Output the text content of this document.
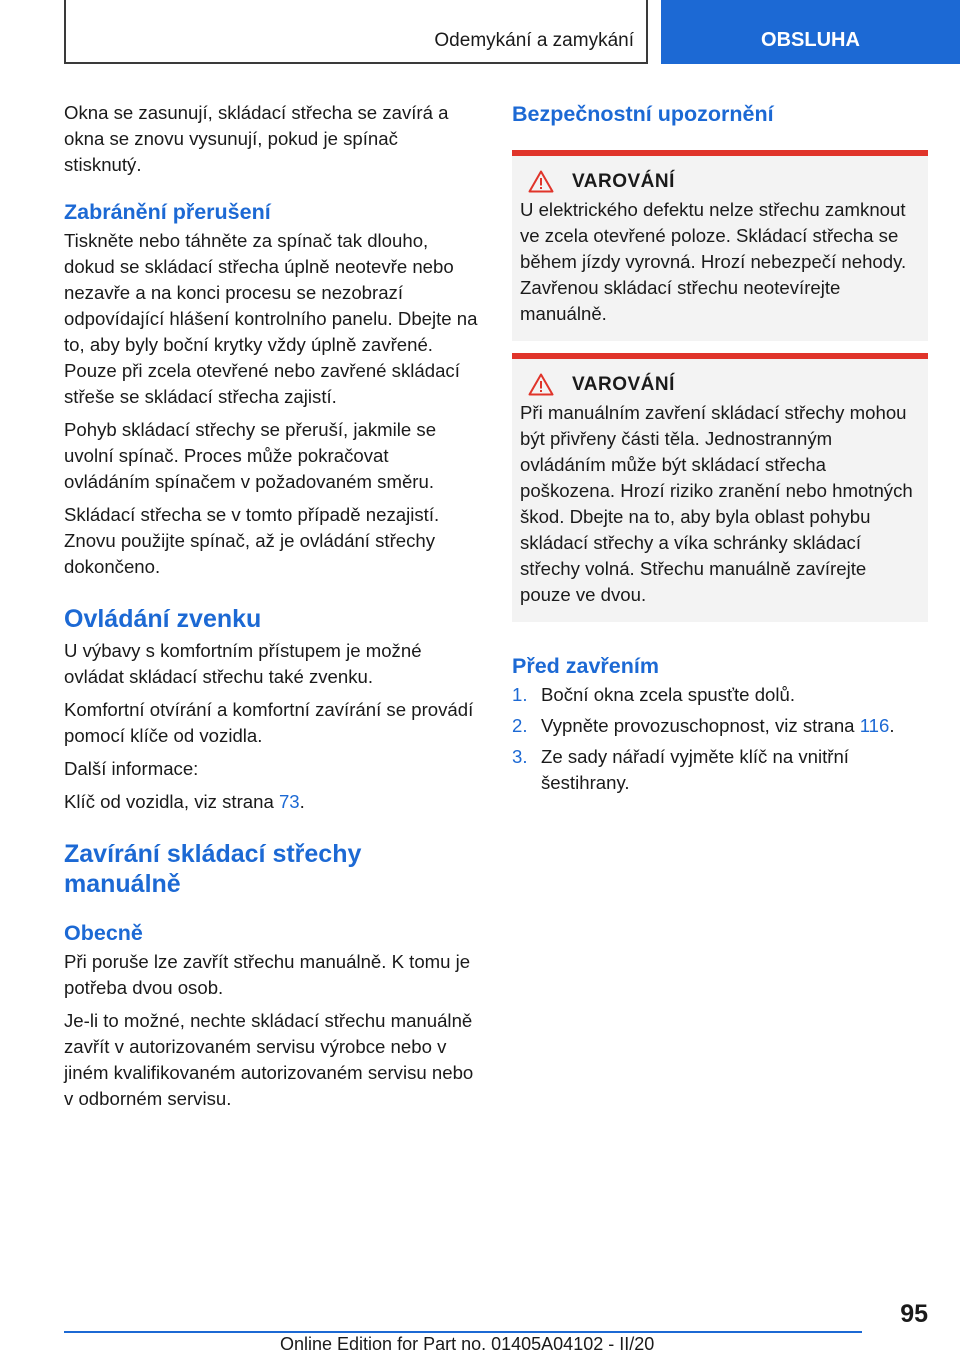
Odemykání a zamykání	OBSLUHA

Okna se zasunují, skládací střecha se zavírá a okna se znovu vysunují, pokud je spínač stisknutý.

Zabránění přerušení

Tiskněte nebo táhněte za spínač tak dlouho, dokud se skládací střecha úplně neotevře nebo nezavře a na konci procesu se nezobrazí odpovídající hlášení kontrolního panelu. Dbejte na to, aby byly boční krytky vždy úplně zavřené. Pouze při zcela otevřené nebo zavřené skládací střeše se skládací střecha zajistí.

Pohyb skládací střechy se přeruší, jakmile se uvolní spínač. Proces může pokračovat ovládáním spínačem v požadovaném směru.

Skládací střecha se v tomto případě nezajistí. Znovu použijte spínač, až je ovládání střechy dokončeno.

Ovládání zvenku

U výbavy s komfortním přístupem je možné ovládat skládací střechu také zvenku.

Komfortní otvírání a komfortní zavírání se provádí pomocí klíče od vozidla.

Další informace:

Klíč od vozidla, viz strana 73.

Zavírání skládací střechy manuálně
Obecně

Při poruše lze zavřít střechu manuálně. K tomu je potřeba dvou osob.

Je-li to možné, nechte skládací střechu manuálně zavřít v autorizovaném servisu výrobce nebo v jiném kvalifikovaném autorizovaném servisu nebo v odborném servisu.

Bezpečnostní upozornění
VAROVÁNÍ

U elektrického defektu nelze střechu zamknout ve zcela otevřené poloze. Skládací střecha se během jízdy vyrovná. Hrozí nebezpečí nehody. Zavřenou skládací střechu neotevírejte manuálně.

VAROVÁNÍ

Při manuálním zavření skládací střechy mohou být přivřeny části těla. Jednostranným ovládáním může být skládací střecha poškozena. Hrozí riziko zranění nebo hmotných škod. Dbejte na to, aby byla oblast pohybu skládací střechy a víka schránky skládací střechy volná. Střechu manuálně zavírejte pouze ve dvou.

Před zavřením
1. Boční okna zcela spusťte dolů.
2. Vypněte provozuschopnost, viz strana 116.
3. Ze sady nářadí vyjměte klíč na vnitřní šestihrany.
95
Online Edition for Part no. 01405A04102 - II/20
